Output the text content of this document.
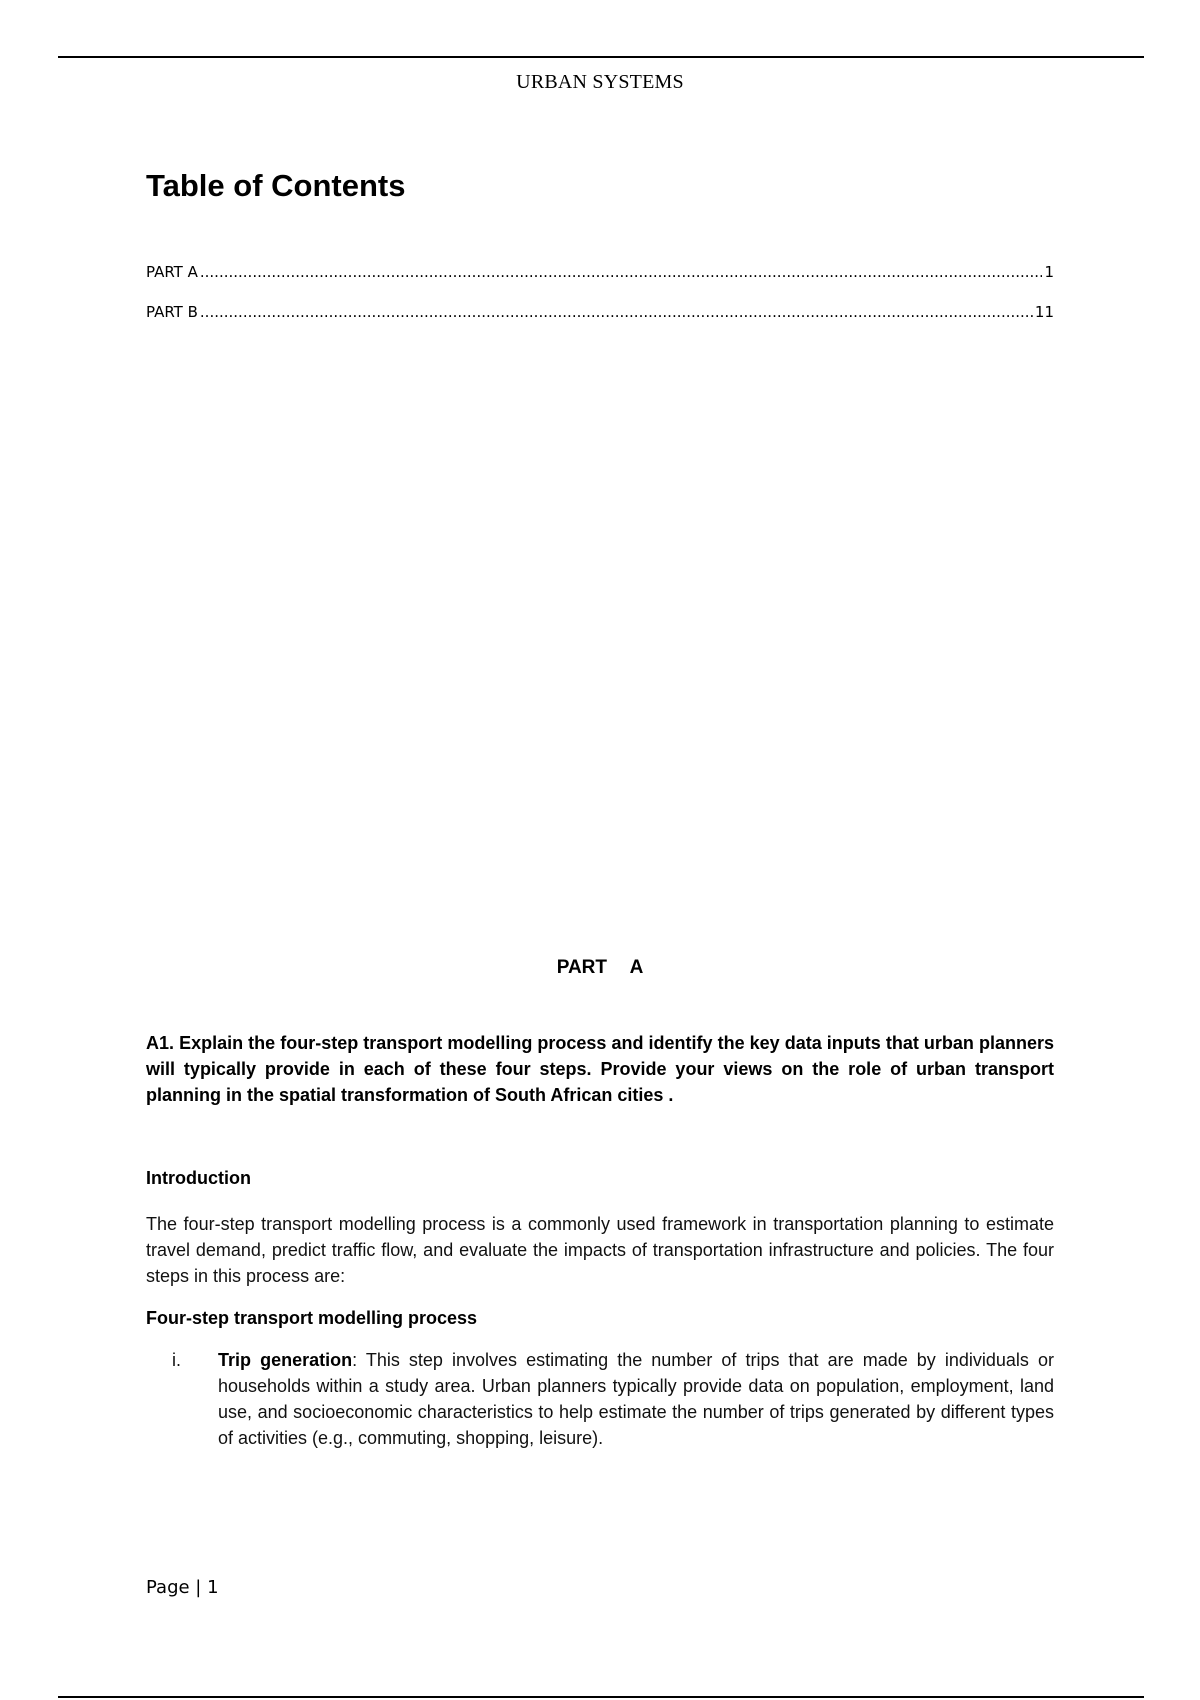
URBAN SYSTEMS
Table of Contents
PART A .....	1
PART B .....	11
PART A

A1. Explain the four-step transport modelling process and identify the key data inputs that urban planners will typically provide in each of these four steps. Provide your views on the role of urban transport planning in the spatial transformation of South African cities .

Introduction

The four-step transport modelling process is a commonly used framework in transportation planning to estimate travel demand, predict traffic flow, and evaluate the impacts of transportation infrastructure and policies. The four steps in this process are:

Four-step transport modelling process
i. Trip generation: This step involves estimating the number of trips that are made by individuals or households within a study area. Urban planners typically provide data on population, employment, land use, and socioeconomic characteristics to help estimate the number of trips generated by different types of activities (e.g., commuting, shopping, leisure).
Page | 1
